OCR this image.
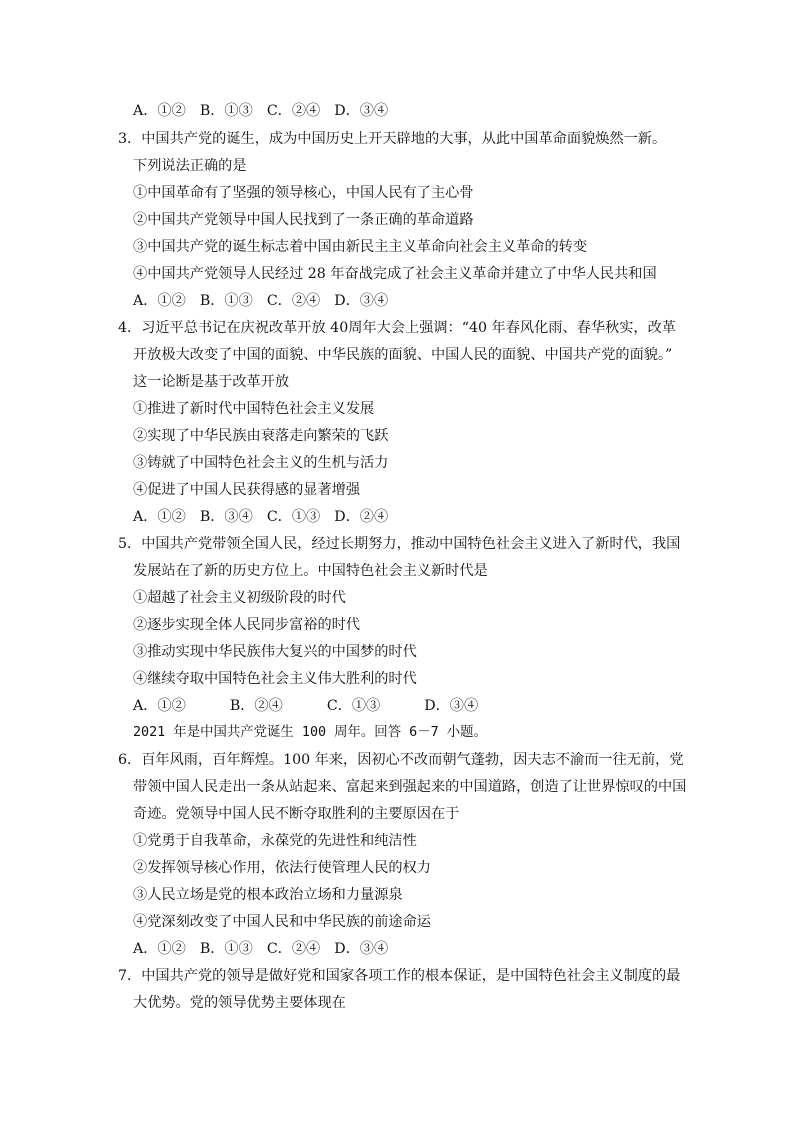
A．①② B．①③ C．②④ D．③④
3．中国共产党的诞生，成为中国历史上开天辟地的大事，从此中国革命面貌焕然一新。
下列说法正确的是
①中国革命有了坚强的领导核心，中国人民有了主心骨
②中国共产党领导中国人民找到了一条正确的革命道路
③中国共产党的诞生标志着中国由新民主主义革命向社会主义革命的转变
④中国共产党领导人民经过 28 年奋战完成了社会主义革命并建立了中华人民共和国
A．①② B．①③ C．②④ D．③④
4．习近平总书记在庆祝改革开放 40周年大会上强调：“40 年春风化雨、春华秋实，改革
开放极大改变了中国的面貌、中华民族的面貌、中国人民的面貌、中国共产党的面貌。”
这一论断是基于改革开放
①推进了新时代中国特色社会主义发展
②实现了中华民族由衰落走向繁荣的飞跃
③铸就了中国特色社会主义的生机与活力
④促进了中国人民获得感的显著增强
A．①② B．③④ C．①③ D．②④
5．中国共产党带领全国人民，经过长期努力，推动中国特色社会主义进入了新时代，我国
发展站在了新的历史方位上。中国特色社会主义新时代是
①超越了社会主义初级阶段的时代
②逐步实现全体人民同步富裕的时代
③推动实现中华民族伟大复兴的中国梦的时代
④继续夺取中国特色社会主义伟大胜利的时代
A．①②	B．②④	C．①③	D．③④
2021 年是中国共产党诞生 100 周年。回答 6－7 小题。
6．百年风雨，百年辉煌。100 年来，因初心不改而朝气蓬勃，因夫志不渝而一往无前，党
带领中国人民走出一条从站起来、富起来到强起来的中国道路，创造了让世界惊叹的中国
奇迹。党领导中国人民不断夺取胜利的主要原因在于
①党勇于自我革命，永葆党的先进性和纯洁性
②发挥领导核心作用，依法行使管理人民的权力
③人民立场是党的根本政治立场和力量源泉
④党深刻改变了中国人民和中华民族的前途命运
A．①② B．①③ C．②④ D．③④
7．中国共产党的领导是做好党和国家各项工作的根本保证，是中国特色社会主义制度的最
大优势。党的领导优势主要体现在
